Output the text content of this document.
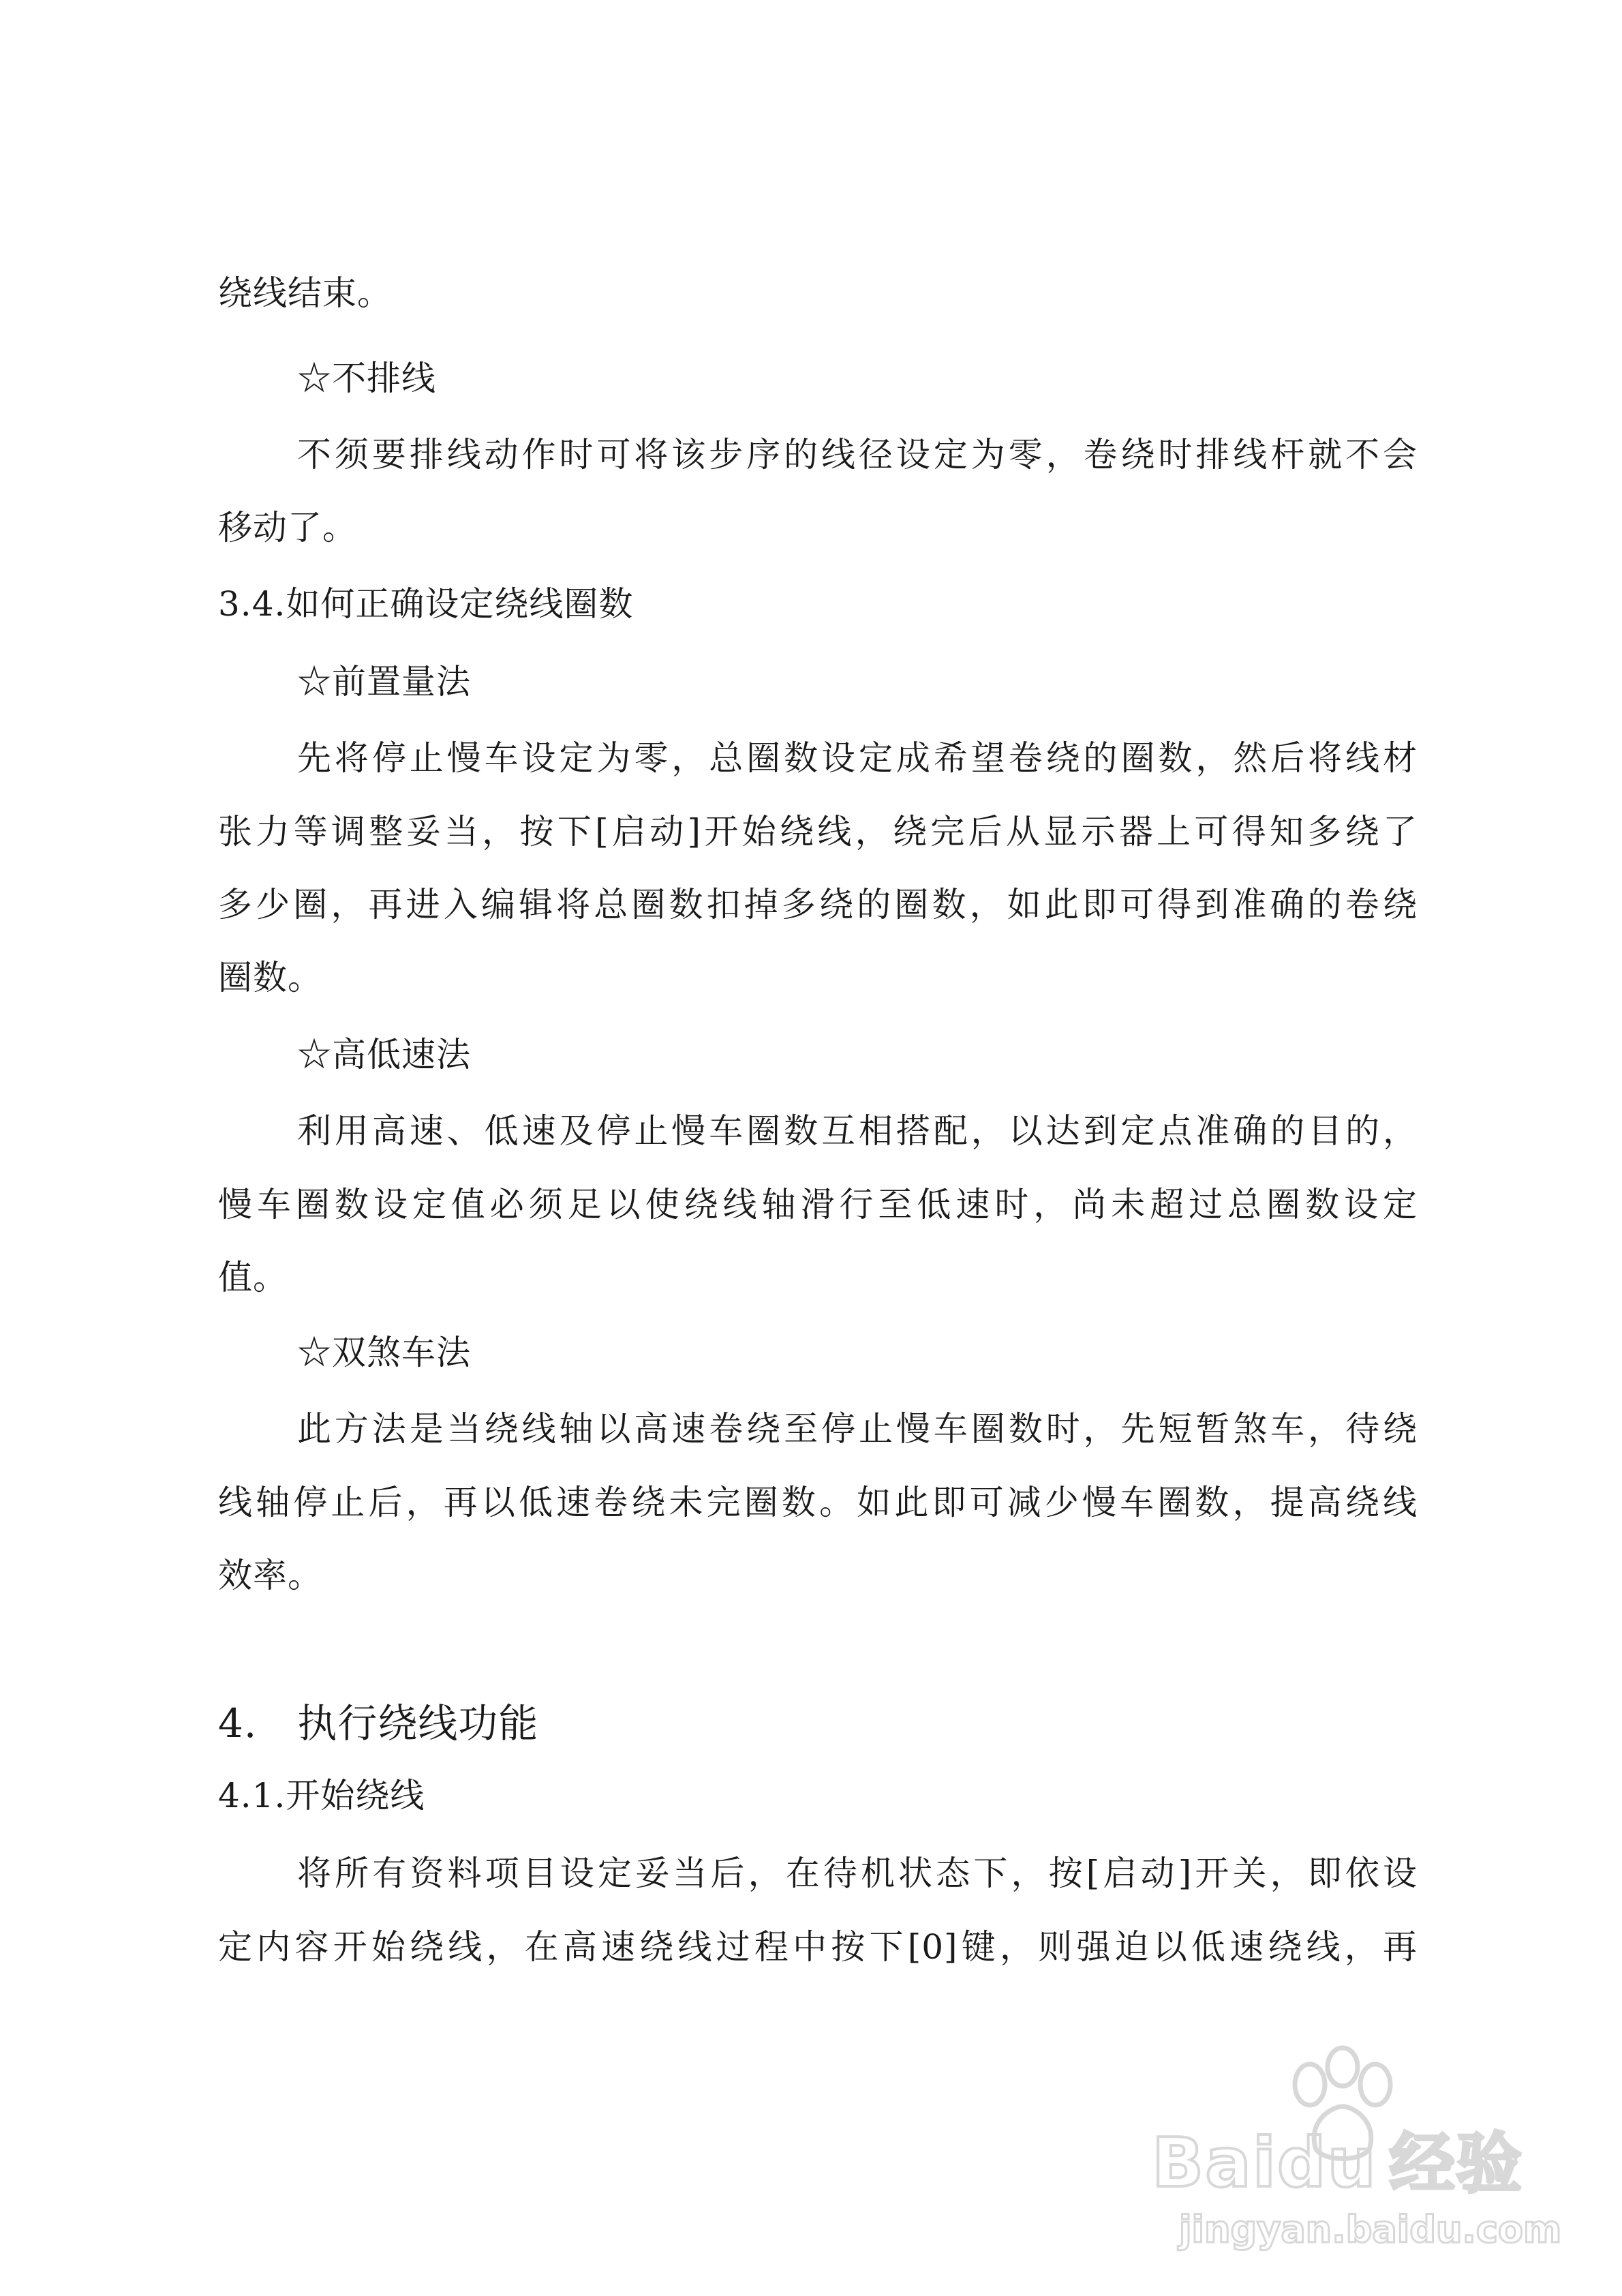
绕线结束。
☆不排线
不须要排线动作时可将该步序的线径设定为零，卷绕时排线杆就不会
移动了。
3.4.如何正确设定绕线圈数
☆前置量法
先将停止慢车设定为零，总圈数设定成希望卷绕的圈数，然后将线材
张力等调整妥当，按下[启动]开始绕线，绕完后从显示器上可得知多绕了
多少圈，再进入编辑将总圈数扣掉多绕的圈数，如此即可得到准确的卷绕
圈数。
☆高低速法
利用高速、低速及停止慢车圈数互相搭配，以达到定点准确的目的，
慢车圈数设定值必须足以使绕线轴滑行至低速时，尚未超过总圈数设定
值。
☆双煞车法
此方法是当绕线轴以高速卷绕至停止慢车圈数时，先短暂煞车，待绕
线轴停止后，再以低速卷绕未完圈数。如此即可减少慢车圈数，提高绕线
效率。
4.　执行绕线功能
4.1.开始绕线
将所有资料项目设定妥当后，在待机状态下，按[启动]开关，即依设
定内容开始绕线，在高速绕线过程中按下[0]键，则强迫以低速绕线，再
Baidu 经验
jingyan.baidu.com
